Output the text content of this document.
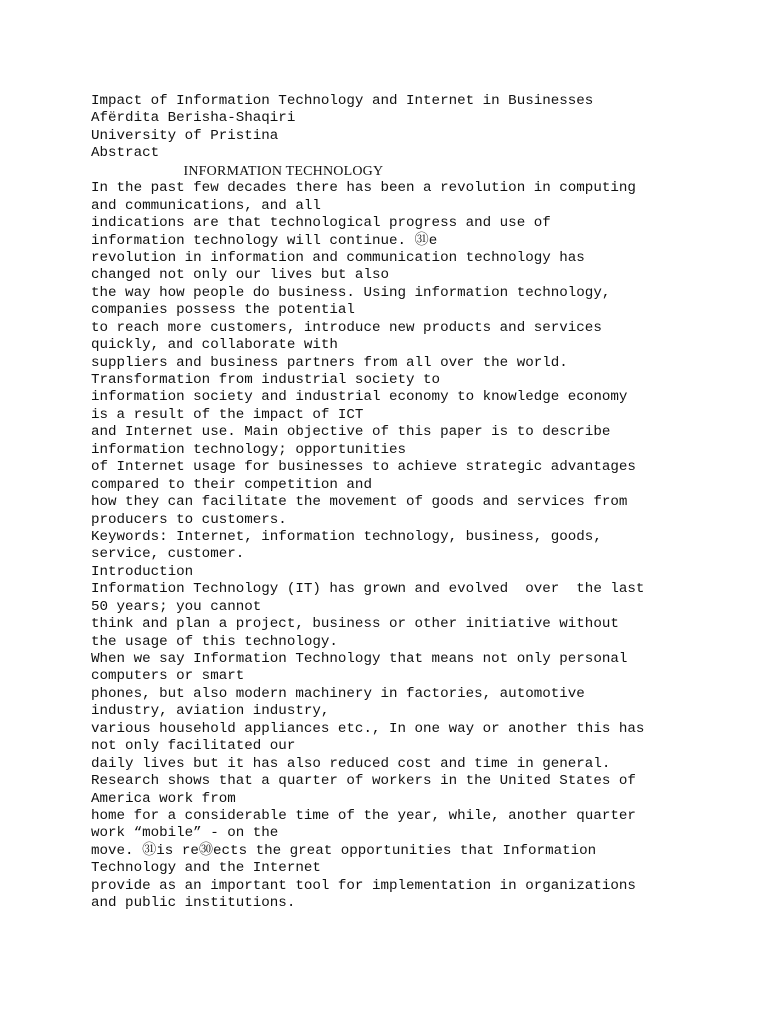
Impact of Information Technology and Internet in Businesses
Afërdita Berisha-Shaqiri
University of Pristina
Abstract
INFORMATION TECHNOLOGY
In the past few decades there has been a revolution in computing
and communications, and all
indications are that technological progress and use of
information technology will continue. ㉛e
revolution in information and communication technology has
changed not only our lives but also
the way how people do business. Using information technology,
companies possess the potential
to reach more customers, introduce new products and services
quickly, and collaborate with
suppliers and business partners from all over the world.
Transformation from industrial society to
information society and industrial economy to knowledge economy
is a result of the impact of ICT
and Internet use. Main objective of this paper is to describe
information technology; opportunities
of Internet usage for businesses to achieve strategic advantages
compared to their competition and
how they can facilitate the movement of goods and services from
producers to customers.
Keywords: Internet, information technology, business, goods,
service, customer.
Introduction
Information Technology (IT) has grown and evolved  over  the last
50 years; you cannot
think and plan a project, business or other initiative without
the usage of this technology.
When we say Information Technology that means not only personal
computers or smart
phones, but also modern machinery in factories, automotive
industry, aviation industry,
various household appliances etc., In one way or another this has
not only facilitated our
daily lives but it has also reduced cost and time in general.
Research shows that a quarter of workers in the United States of
America work from
home for a considerable time of the year, while, another quarter
work “mobile” - on the
move. ㉛is re㉚ects the great opportunities that Information
Technology and the Internet
provide as an important tool for implementation in organizations
and public institutions.
